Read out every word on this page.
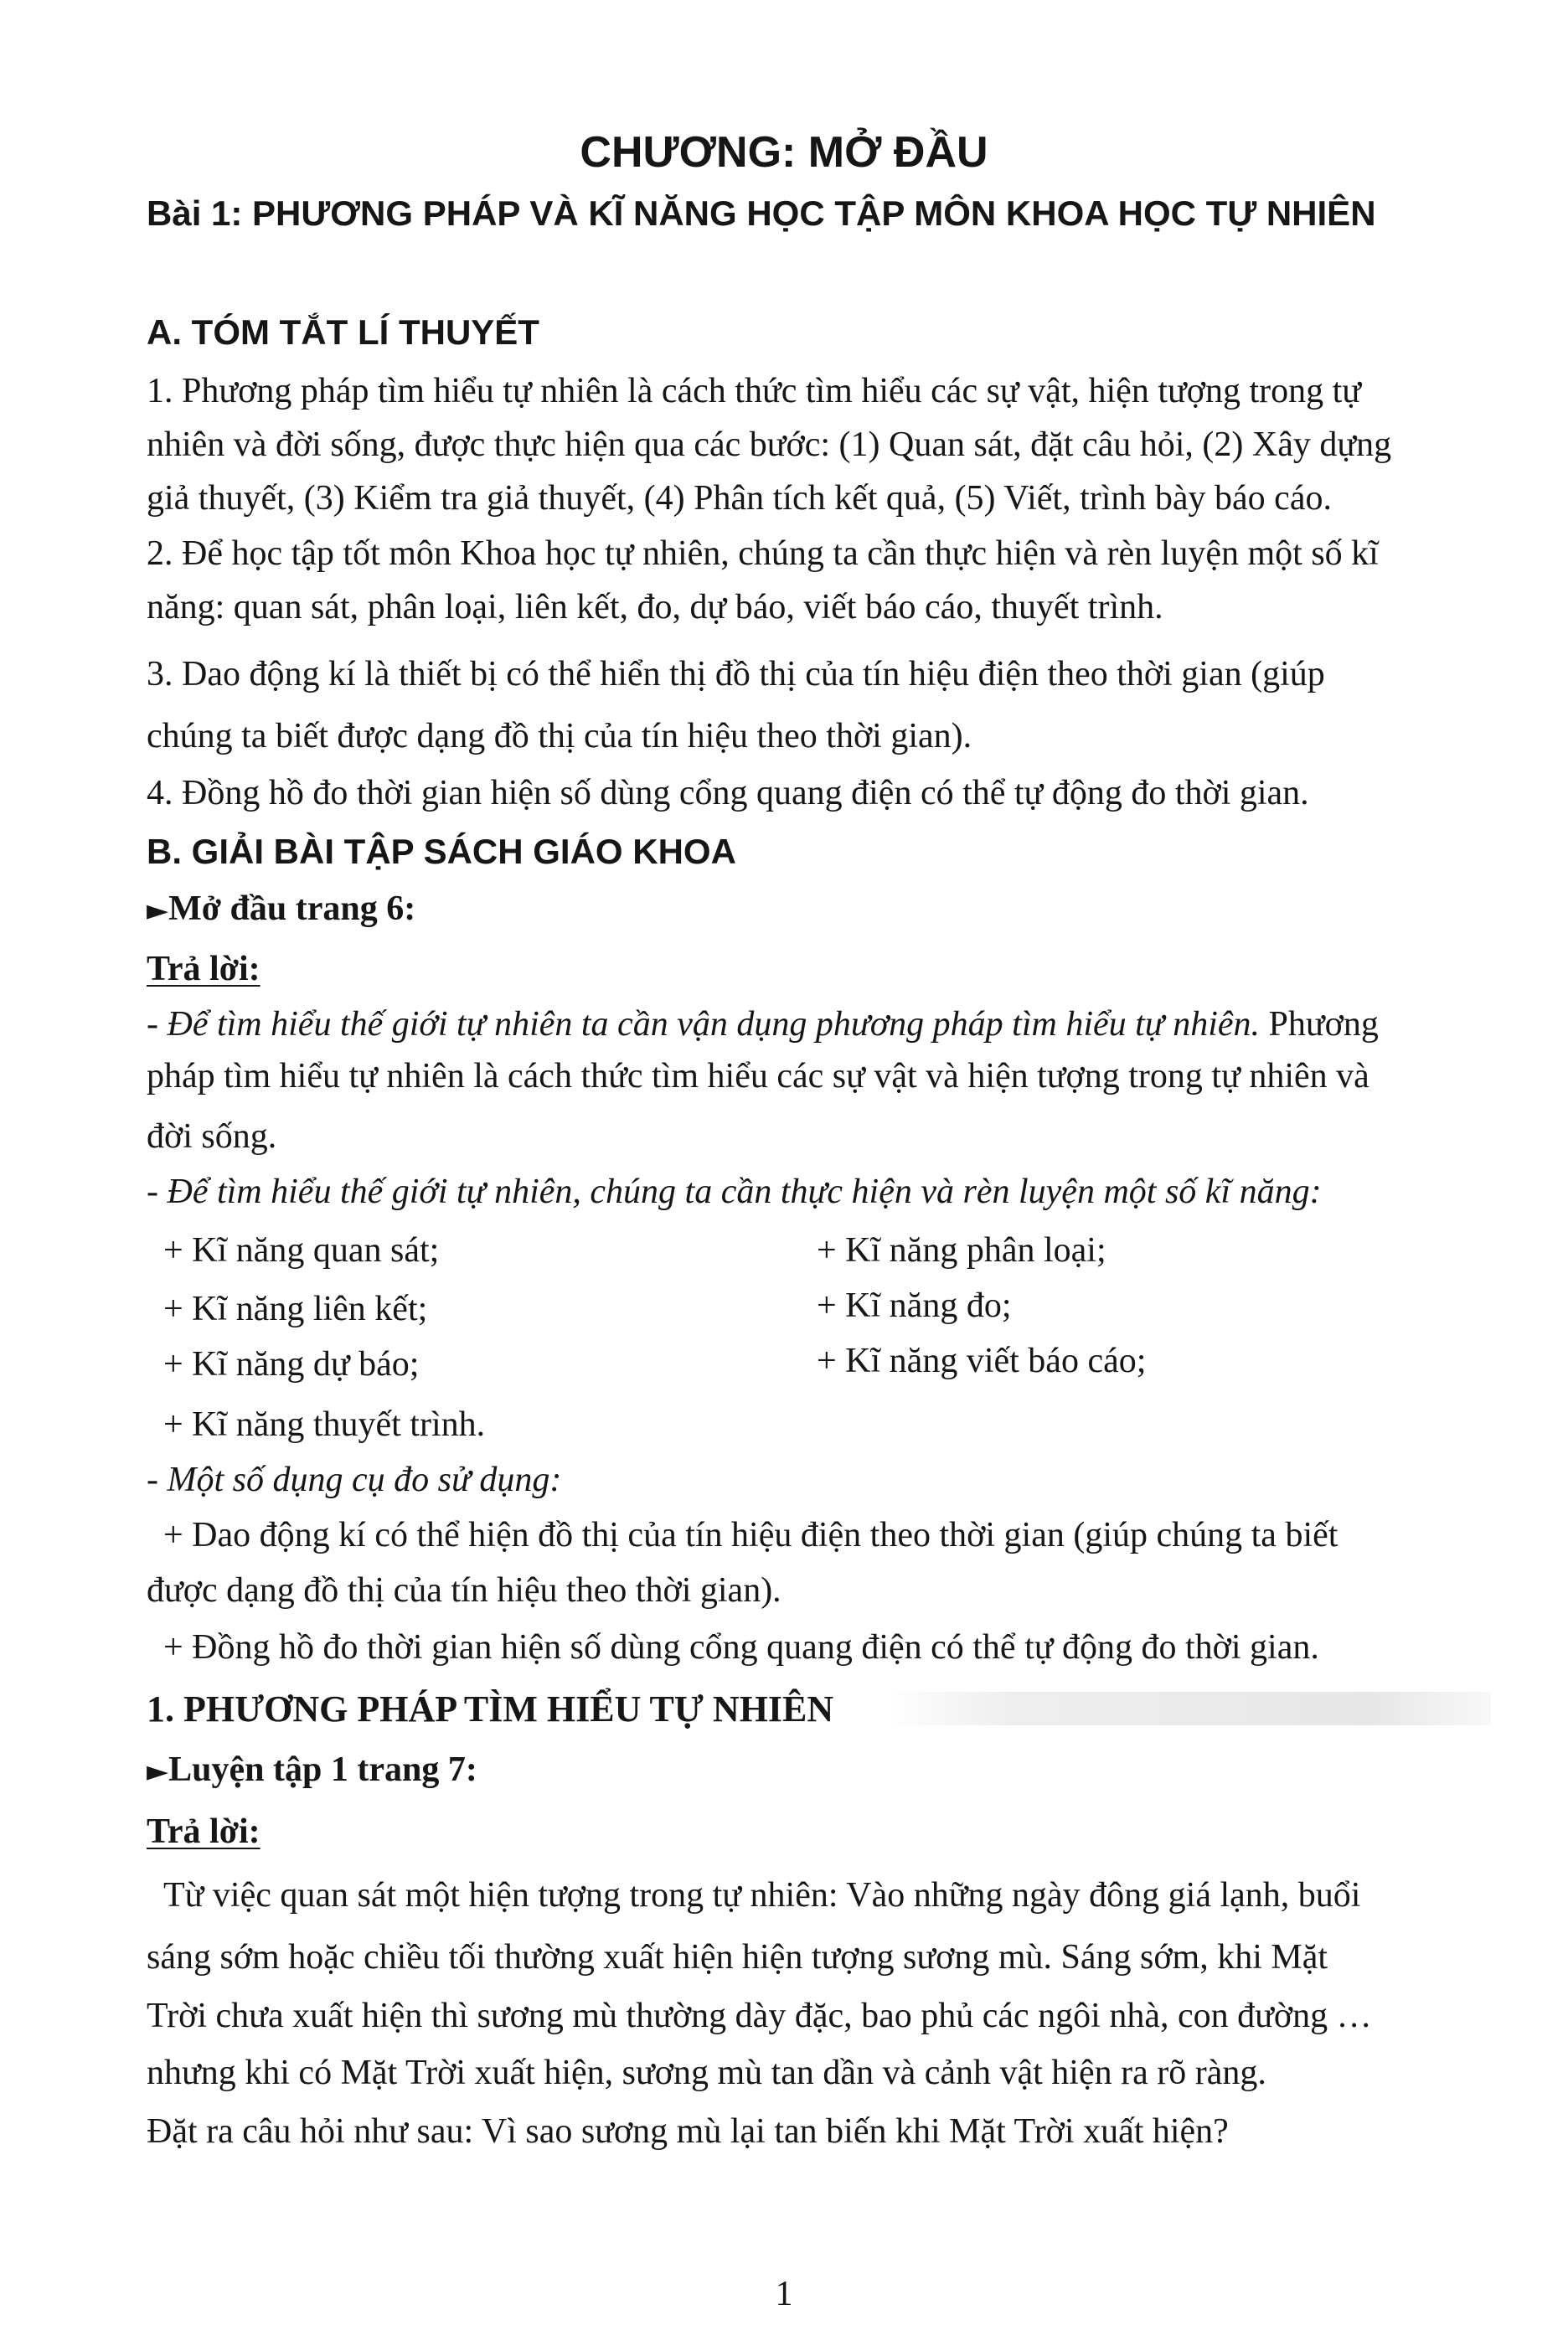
CHƯƠNG: MỞ ĐẦU
Bài 1: PHƯƠNG PHÁP VÀ KĨ NĂNG HỌC TẬP MÔN KHOA HỌC TỰ NHIÊN
A. TÓM TẮT LÍ THUYẾT
1. Phương pháp tìm hiểu tự nhiên là cách thức tìm hiểu các sự vật, hiện tượng trong tự
nhiên và đời sống, được thực hiện qua các bước: (1) Quan sát, đặt câu hỏi, (2) Xây dựng
giả thuyết, (3) Kiểm tra giả thuyết, (4) Phân tích kết quả, (5) Viết, trình bày báo cáo.
2. Để học tập tốt môn Khoa học tự nhiên, chúng ta cần thực hiện và rèn luyện một số kĩ
năng: quan sát, phân loại, liên kết, đo, dự báo, viết báo cáo, thuyết trình.
3. Dao động kí là thiết bị có thể hiển thị đồ thị của tín hiệu điện theo thời gian (giúp
chúng ta biết được dạng đồ thị của tín hiệu theo thời gian).
4. Đồng hồ đo thời gian hiện số dùng cổng quang điện có thể tự động đo thời gian.
B. GIẢI BÀI TẬP SÁCH GIÁO KHOA
►Mở đầu trang 6:
Trả lời:
- Để tìm hiểu thế giới tự nhiên ta cần vận dụng phương pháp tìm hiểu tự nhiên. Phương
pháp tìm hiểu tự nhiên là cách thức tìm hiểu các sự vật và hiện tượng trong tự nhiên và
đời sống.
- Để tìm hiểu thế giới tự nhiên, chúng ta cần thực hiện và rèn luyện một số kĩ năng:
+ Kĩ năng quan sát;	+ Kĩ năng phân loại;
+ Kĩ năng liên kết;	+ Kĩ năng đo;
+ Kĩ năng dự báo;	+ Kĩ năng viết báo cáo;
+ Kĩ năng thuyết trình.
- Một số dụng cụ đo sử dụng:
+ Dao động kí có thể hiện đồ thị của tín hiệu điện theo thời gian (giúp chúng ta biết
được dạng đồ thị của tín hiệu theo thời gian).
+ Đồng hồ đo thời gian hiện số dùng cổng quang điện có thể tự động đo thời gian.
1. PHƯƠNG PHÁP TÌM HIỂU TỰ NHIÊN
►Luyện tập 1 trang 7:
Trả lời:
Từ việc quan sát một hiện tượng trong tự nhiên: Vào những ngày đông giá lạnh, buổi
sáng sớm hoặc chiều tối thường xuất hiện hiện tượng sương mù. Sáng sớm, khi Mặt
Trời chưa xuất hiện thì sương mù thường dày đặc, bao phủ các ngôi nhà, con đường …
nhưng khi có Mặt Trời xuất hiện, sương mù tan dần và cảnh vật hiện ra rõ ràng.
Đặt ra câu hỏi như sau: Vì sao sương mù lại tan biến khi Mặt Trời xuất hiện?
1
